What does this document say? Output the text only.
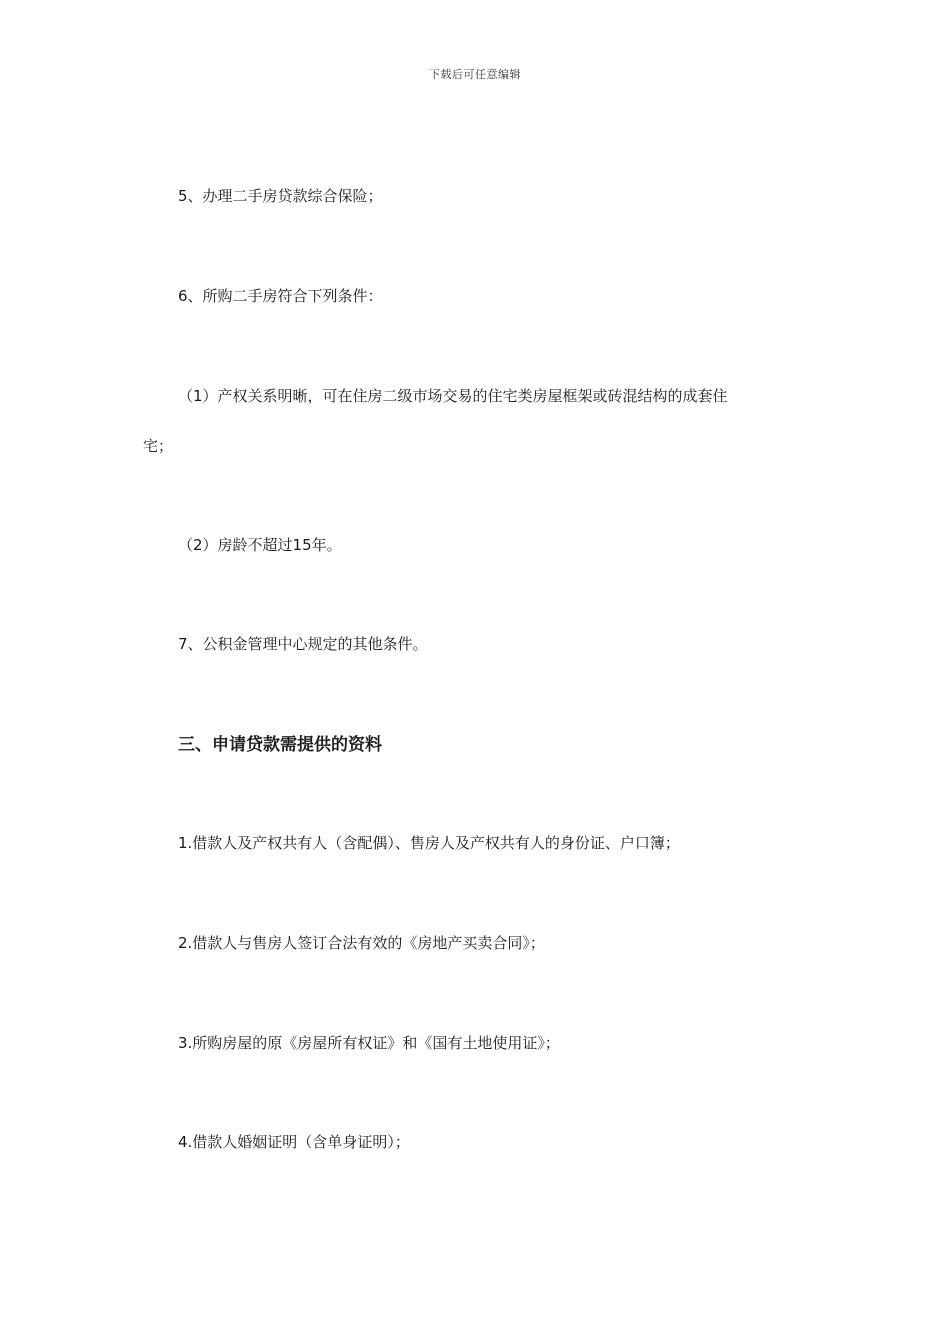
下载后可任意编辑
5、办理二手房贷款综合保险；
6、所购二手房符合下列条件：
（1）产权关系明晰，可在住房二级市场交易的住宅类房屋框架或砖混结构的成套住
宅；
（2）房龄不超过15年。
7、公积金管理中心规定的其他条件。
三、申请贷款需提供的资料
1.借款人及产权共有人（含配偶）、售房人及产权共有人的身份证、户口簿；
2.借款人与售房人签订合法有效的《房地产买卖合同》；
3.所购房屋的原《房屋所有权证》和《国有土地使用证》；
4.借款人婚姻证明（含单身证明）；
